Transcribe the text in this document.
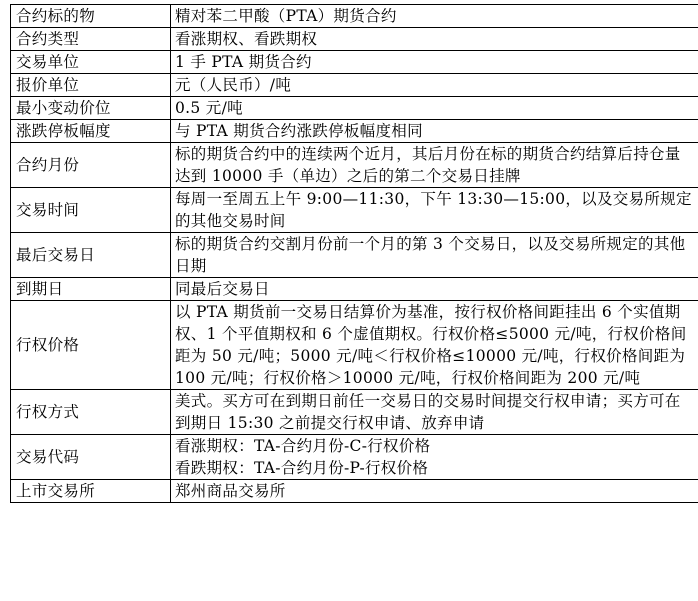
合约标的物	精对苯二甲酸（PTA）期货合约
合约类型	看涨期权、看跌期权
交易单位	1 手 PTA 期货合约
报价单位	元（人民币）/吨
最小变动价位	0.5 元/吨
涨跌停板幅度	与 PTA 期货合约涨跌停板幅度相同
合约月份	标的期货合约中的连续两个近月，其后月份在标的期货合约结算后持仓量达到 10000 手（单边）之后的第二个交易日挂牌
交易时间	每周一至周五上午 9:00—11:30，下午 13:30—15:00，以及交易所规定的其他交易时间
最后交易日	标的期货合约交割月份前一个月的第 3 个交易日，以及交易所规定的其他日期
到期日	同最后交易日
行权价格	以 PTA 期货前一交易日结算价为基准，按行权价格间距挂出 6 个实值期权、1 个平值期权和 6 个虚值期权。行权价格≤5000 元/吨，行权价格间距为 50 元/吨；5000 元/吨＜行权价格≤10000 元/吨，行权价格间距为 100 元/吨；行权价格＞10000 元/吨，行权价格间距为 200 元/吨
行权方式	美式。买方可在到期日前任一交易日的交易时间提交行权申请；买方可在到期日 15:30 之前提交行权申请、放弃申请
交易代码	看涨期权：TA-合约月份-C-行权价格
看跌期权：TA-合约月份-P-行权价格

上市交易所	郑州商品交易所
